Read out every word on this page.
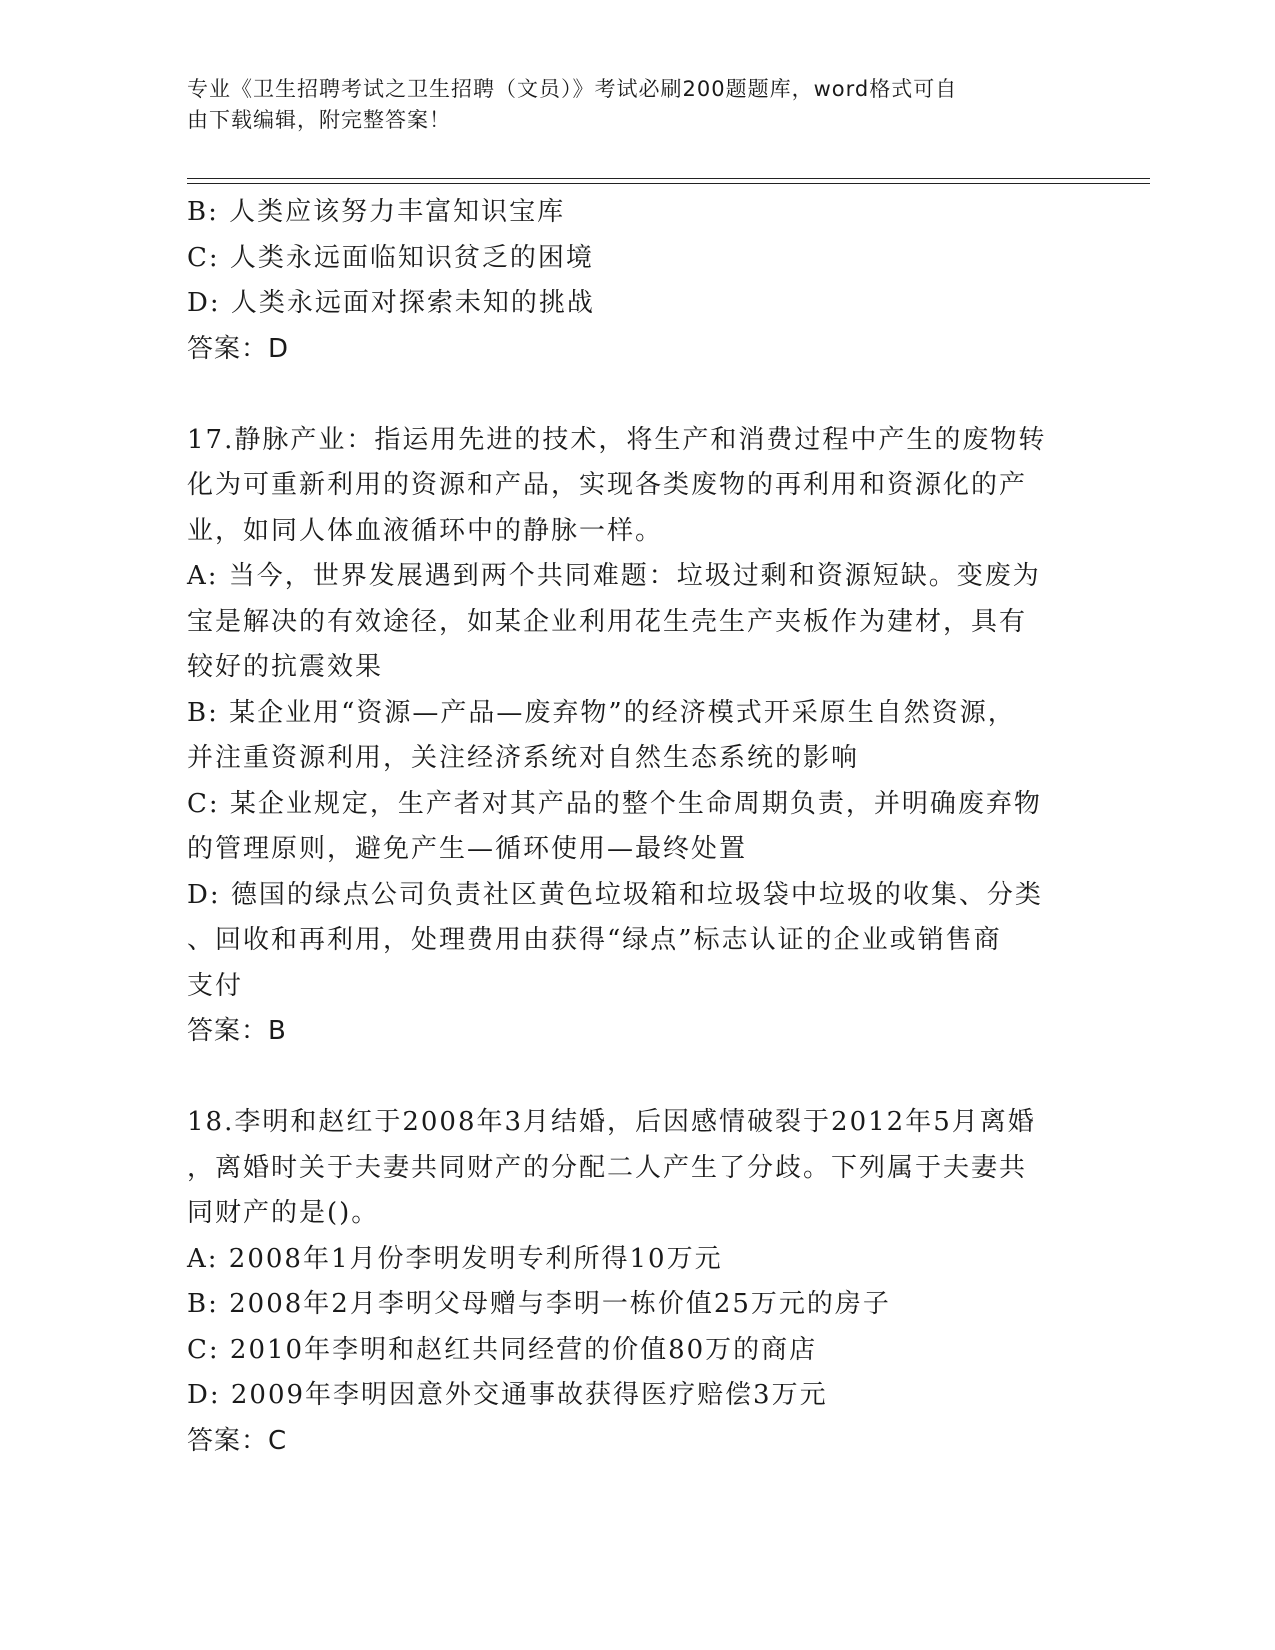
专业《卫生招聘考试之卫生招聘（文员）》考试必刷200题题库，word格式可自
由下载编辑，附完整答案！
B: 人类应该努力丰富知识宝库
C: 人类永远面临知识贫乏的困境
D: 人类永远面对探索未知的挑战
答案：D
17.静脉产业：指运用先进的技术，将生产和消费过程中产生的废物转
化为可重新利用的资源和产品，实现各类废物的再利用和资源化的产
业，如同人体血液循环中的静脉一样。
A: 当今，世界发展遇到两个共同难题：垃圾过剩和资源短缺。变废为
宝是解决的有效途径，如某企业利用花生壳生产夹板作为建材，具有
较好的抗震效果
B: 某企业用“资源—产品—废弃物”的经济模式开采原生自然资源，
并注重资源利用，关注经济系统对自然生态系统的影响
C: 某企业规定，生产者对其产品的整个生命周期负责，并明确废弃物
的管理原则，避免产生—循环使用—最终处置
D: 德国的绿点公司负责社区黄色垃圾箱和垃圾袋中垃圾的收集、分类
、回收和再利用，处理费用由获得“绿点”标志认证的企业或销售商
支付
答案：B
18.李明和赵红于2008年3月结婚，后因感情破裂于2012年5月离婚
，离婚时关于夫妻共同财产的分配二人产生了分歧。下列属于夫妻共
同财产的是()。
A: 2008年1月份李明发明专利所得10万元
B: 2008年2月李明父母赠与李明一栋价值25万元的房子
C: 2010年李明和赵红共同经营的价值80万的商店
D: 2009年李明因意外交通事故获得医疗赔偿3万元
答案：C
